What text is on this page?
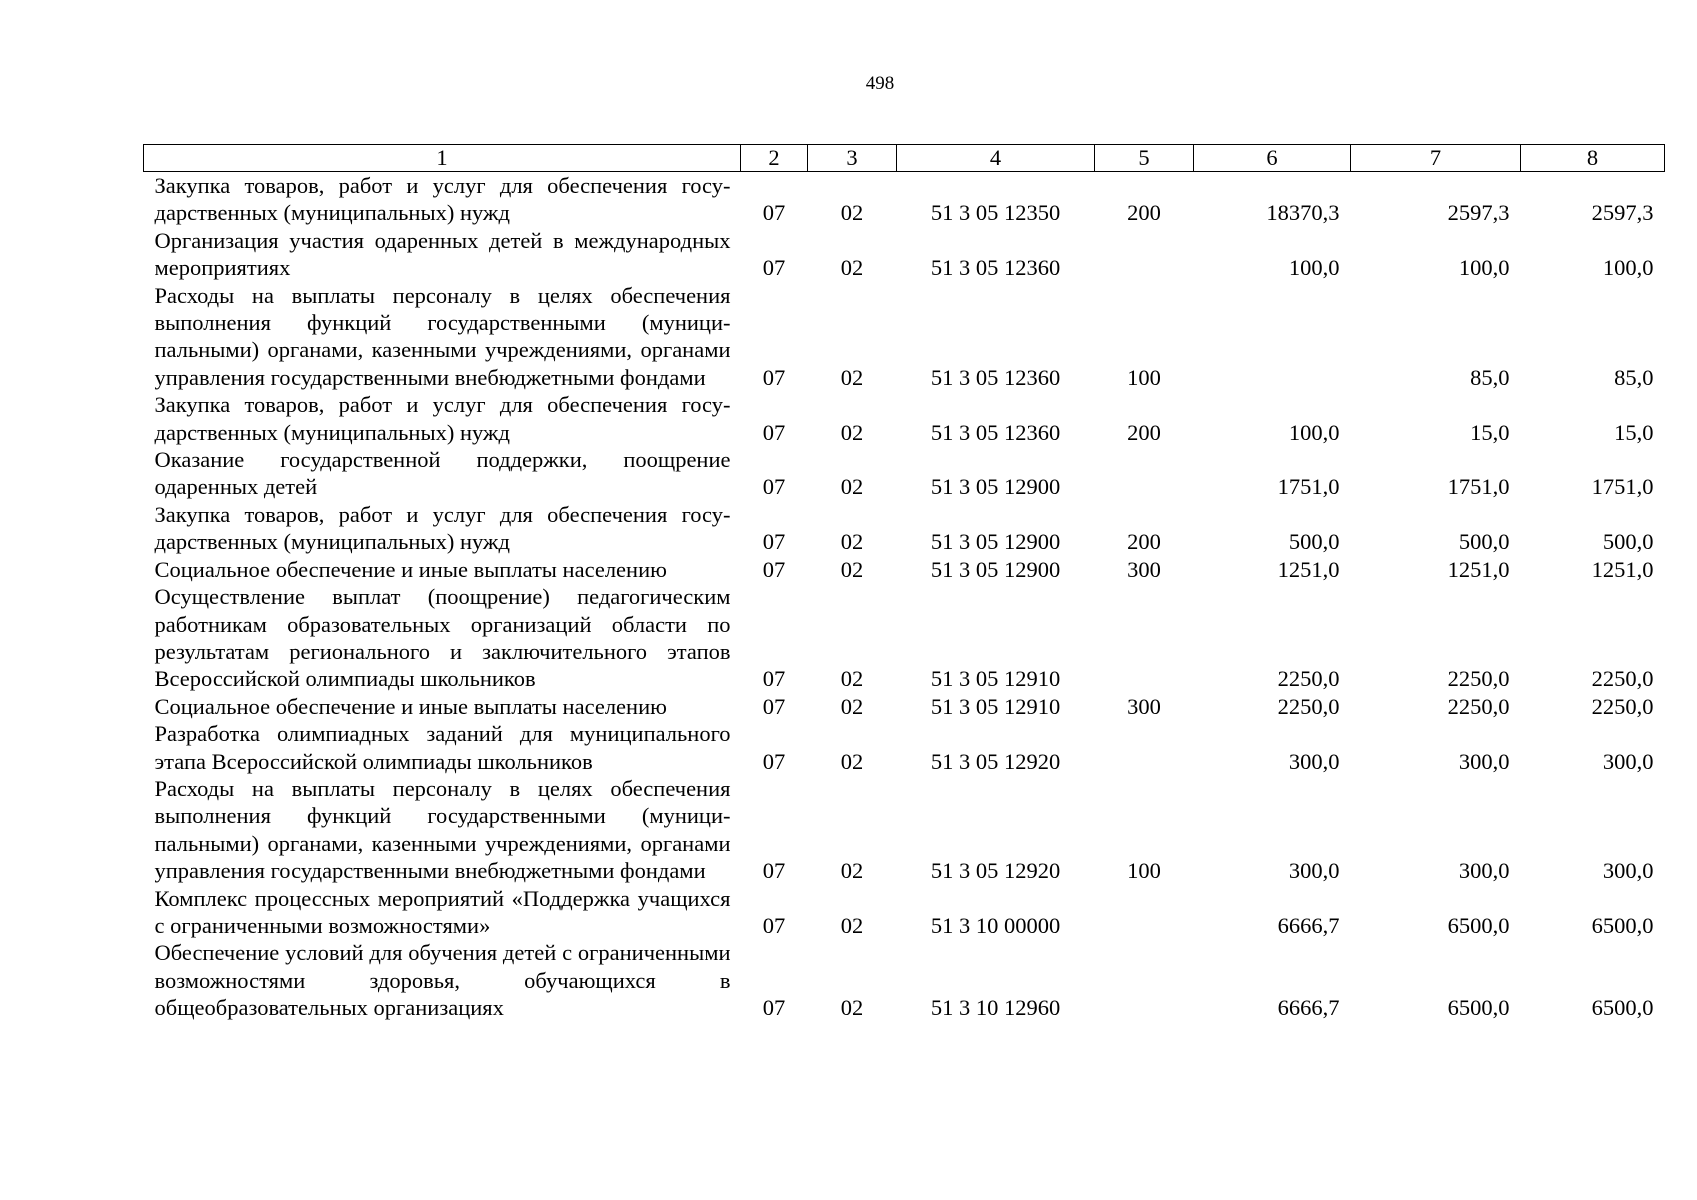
498
1	2	3	4	5	6	7	8
Закупка товаров, работ и услуг для обеспечения государственных (муниципальных) нужд	07	02	51 3 05 12350	200	18370,3	2597,3	2597,3
Организация участия одаренных детей в международных мероприятиях	07	02	51 3 05 12360		100,0	100,0	100,0
Расходы на выплаты персоналу в целях обеспечения выполнения функций государственными (муниципальными) органами, казенными учреждениями, органами управления государственными внебюджетными фондами	07	02	51 3 05 12360	100		85,0	85,0
Закупка товаров, работ и услуг для обеспечения государственных (муниципальных) нужд	07	02	51 3 05 12360	200	100,0	15,0	15,0
Оказание государственной поддержки, поощрение одаренных детей	07	02	51 3 05 12900		1751,0	1751,0	1751,0
Закупка товаров, работ и услуг для обеспечения государственных (муниципальных) нужд	07	02	51 3 05 12900	200	500,0	500,0	500,0
Социальное обеспечение и иные выплаты населению	07	02	51 3 05 12900	300	1251,0	1251,0	1251,0
Осуществление выплат (поощрение) педагогическим работникам образовательных организаций области по результатам регионального и заключительного этапов Всероссийской олимпиады школьников	07	02	51 3 05 12910		2250,0	2250,0	2250,0
Социальное обеспечение и иные выплаты населению	07	02	51 3 05 12910	300	2250,0	2250,0	2250,0
Разработка олимпиадных заданий для муниципального этапа Всероссийской олимпиады школьников	07	02	51 3 05 12920		300,0	300,0	300,0
Расходы на выплаты персоналу в целях обеспечения выполнения функций государственными (муниципальными) органами, казенными учреждениями, органами управления государственными внебюджетными фондами	07	02	51 3 05 12920	100	300,0	300,0	300,0
Комплекс процессных мероприятий «Поддержка учащихся с ограниченными возможностями»	07	02	51 3 10 00000		6666,7	6500,0	6500,0
Обеспечение условий для обучения детей с ограниченными возможностями здоровья, обучающихся в общеобразовательных организациях	07	02	51 3 10 12960		6666,7	6500,0	6500,0
